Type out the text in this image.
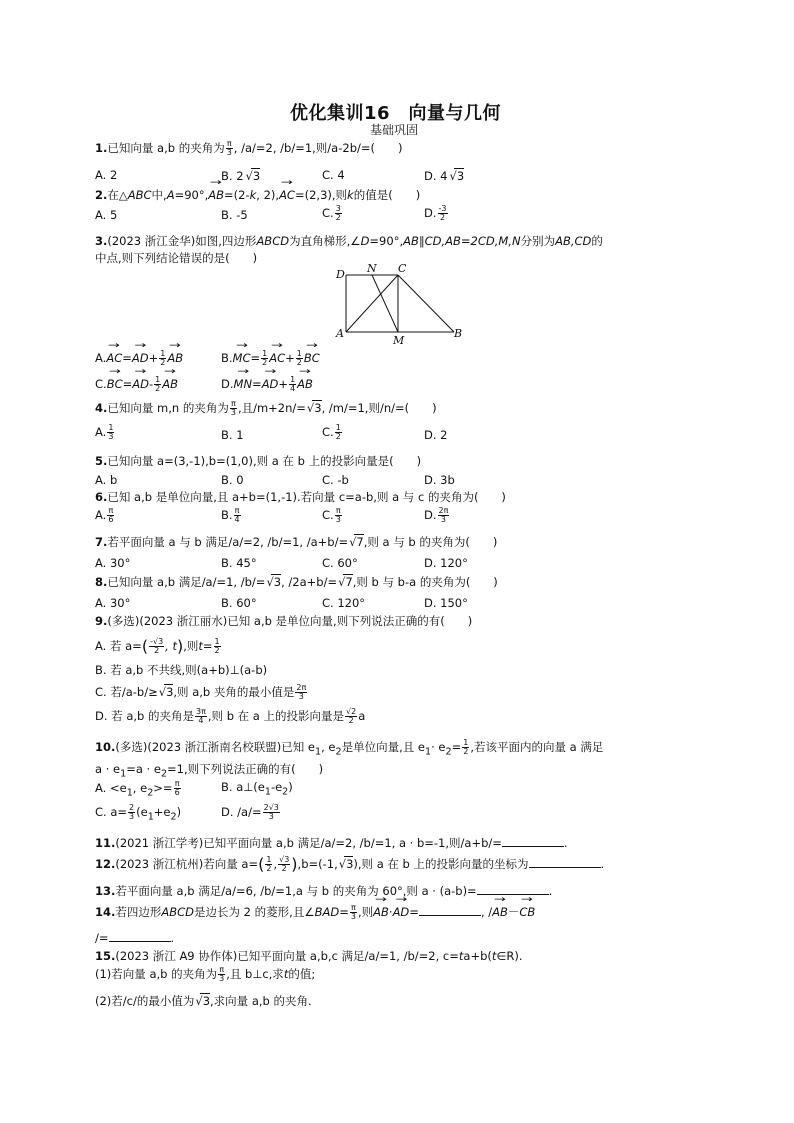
优化集训16　向量与几何
基础巩固
1.已知向量 a,b 的夹角为 $\frac{\pi}{3}$ , /a/=2, /b/=1,则/a-2b/=(　　)
A. 2	B. 2√ 3	C. 4	D. 4√ 3
2.在△ABC中,A=90°,→ AB=(2-k, 2),→ AC=(2,3),则k的值是(　　)
A. 5	B. -5	C. $\frac{3}{2}$	D. $\frac{-3}{2}$
3.(2023 浙江金华)如图,四边形ABCD为直角梯形,∠D=90°,AB∥CD,AB=2CD,M,N分别为AB,CD的
中点,则下列结论错误的是(　　)
D N C
A
M
B
$A.\to AC=\to AD+ \frac{1}{2}$
→ AB	$B.\to MC= \frac{1}{2}$
→ $AC+ \frac{1}{2}$
→ BC
$C.\to BC=\to AD- \frac{1}{2}$
→ AB	$D.\to MN=\to AD+ \frac{1}{4}$
→ AB
4.已知向量 m,n 的夹角为 $\frac{\pi}{3}$ ,且/m+2n/=√ 3, /m/=1,则/n/=(　　)
A. $\frac{1}{3}$	B. 1	C. $\frac{1}{2}$	D. 2
5.已知向量 a=(3,-1),b=(1,0),则 a 在 b 上的投影向量是(　　)
A. b	B. 0	C. -b	D. 3b
6.已知 a,b 是单位向量,且 a+b=(1,-1).若向量 c=a-b,则 a 与 c 的夹角为(　　)
A. $\frac{\pi}{6}$	B. $\frac{\pi}{4}$	C. $\frac{\pi}{3}$	D. $\frac{2\pi}{3}$
7.若平面向量 a 与 b 满足/a/=2, /b/=1, /a+b/=√ 7,则 a 与 b 的夹角为(　　)
A. 30°	B. 45°	C. 60°	D. 120°
8.已知向量 a,b 满足/a/=1, /b/=√ 3, /2a+b/=√ 7,则 b 与 b-a 的夹角为(　　)
A. 30°	B. 60°	C. 120°	D. 150°
9.(多选)(2023 浙江丽水)已知 a,b 是单位向量,则下列说法正确的有(　　)
A. 若 $a=( \frac{-√3}{2}$ , t),则$t= \frac{1}{2}$
B. 若 a,b 不共线,则(a+b)⊥(a-b)
C. 若/a-b/≥√ 3,则 a,b 夹角的最小值是 $\frac{2\pi}{3}$
D. 若 a,b 的夹角是 $\frac{3\pi}{4}$ ,则 b 在 a 上的投影向量是 $\frac{√2}{2}$ a
10.(多选)(2023 浙江浙南名校联盟)已知 $e_1$, $e_2$是单位向量,且 $e_1\cdot e_2= \frac{1}{2}$ ,若该平面内的向量 a 满足
$a \cdot e_1=a \cdot e_2=1$,则下列说法正确的有(　　)
A. $<e_1$, $e_2>= \frac{\pi}{6}$	B. $a\perp(e_1-e_2)$
C. $a= \frac{2}{3} (e_1+e_2)$	D. $/a/= \frac{2√3}{3}$
11.(2021 浙江学考)已知平面向量 a,b 满足/a/=2, /b/=1, a · b=-1,则/a+b/=	.
12.(2023 浙江杭州)若向量 $a=( \frac{1}{2}$ , $\frac{√3}{2} ),b=(-1,√$ 3),则 a 在 b 上的投影向量的坐标为	.
13.若平面向量 a,b 满足/a/=6, /b/=1,a 与 b 的夹角为 60°,则 a · (a-b)=	.
14.若四边形ABCD是边长为 2 的菱形,且∠BAD= $\frac{\pi}{3}$ ,则→ AB·→ AD=	, /→ AB－→ CB
/=	.
15.(2023 浙江 A9 协作体)已知平面向量 a,b,c 满足/a/=1, /b/=2, c=ta+b(t∈R).
(1)若向量 a,b 的夹角为 $\frac{\pi}{3}$ ,且 b⊥c,求t的值;
(2)若/c/的最小值为√ 3,求向量 a,b 的夹角.
